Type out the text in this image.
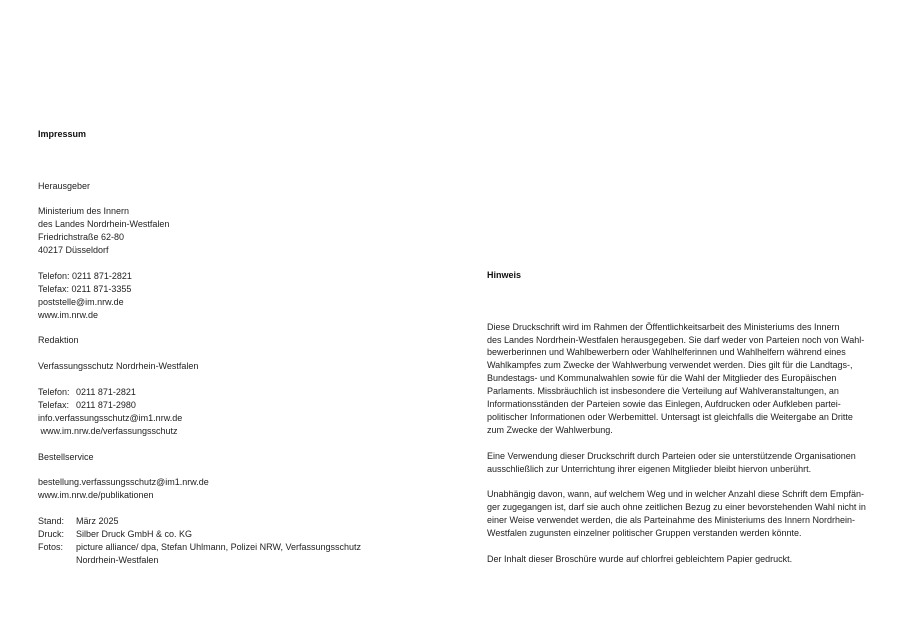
Impressum
Herausgeber
Ministerium des Innern
des Landes Nordrhein-Westfalen
Friedrichstraße 62-80
40217 Düsseldorf
Telefon: 0211 871-2821
Telefax: 0211 871-3355
poststelle@im.nrw.de
www.im.nrw.de
Redaktion
Verfassungsschutz Nordrhein-Westfalen
Telefon: 0211 871-2821
Telefax: 0211 871-2980
info.verfassungsschutz@im1.nrw.de
www.im.nrw.de/verfassungsschutz
Bestellservice
bestellung.verfassungsschutz@im1.nrw.de
www.im.nrw.de/publikationen
Stand:	März 2025
Druck:	Silber Druck GmbH & co. KG
Fotos:	picture alliance/ dpa, Stefan Uhlmann, Polizei NRW, Verfassungsschutz
Nordrhein-Westfalen
Hinweis
Diese Druckschrift wird im Rahmen der Öffentlichkeitsarbeit des Ministeriums des Innern
des Landes Nordrhein-Westfalen herausgegeben. Sie darf weder von Parteien noch von Wahl-
bewerberinnen und Wahlbewerbern oder Wahlhelferinnen und Wahlhelfern während eines
Wahlkampfes zum Zwecke der Wahlwerbung verwendet werden. Dies gilt für die Landtags-,
Bundestags- und Kommunalwahlen sowie für die Wahl der Mitglieder des Europäischen
Parlaments. Missbräuchlich ist insbesondere die Verteilung auf Wahlveranstaltungen, an
Informationsständen der Parteien sowie das Einlegen, Aufdrucken oder Aufkleben partei-
politischer Informationen oder Werbemittel. Untersagt ist gleichfalls die Weitergabe an Dritte
zum Zwecke der Wahlwerbung.
Eine Verwendung dieser Druckschrift durch Parteien oder sie unterstützende Organisationen
ausschließlich zur Unterrichtung ihrer eigenen Mitglieder bleibt hiervon unberührt.
Unabhängig davon, wann, auf welchem Weg und in welcher Anzahl diese Schrift dem Empfän-
ger zugegangen ist, darf sie auch ohne zeitlichen Bezug zu einer bevorstehenden Wahl nicht in
einer Weise verwendet werden, die als Parteinahme des Ministeriums des Innern Nordrhein-
Westfalen zugunsten einzelner politischer Gruppen verstanden werden könnte.
Der Inhalt dieser Broschüre wurde auf chlorfrei gebleichtem Papier gedruckt.
